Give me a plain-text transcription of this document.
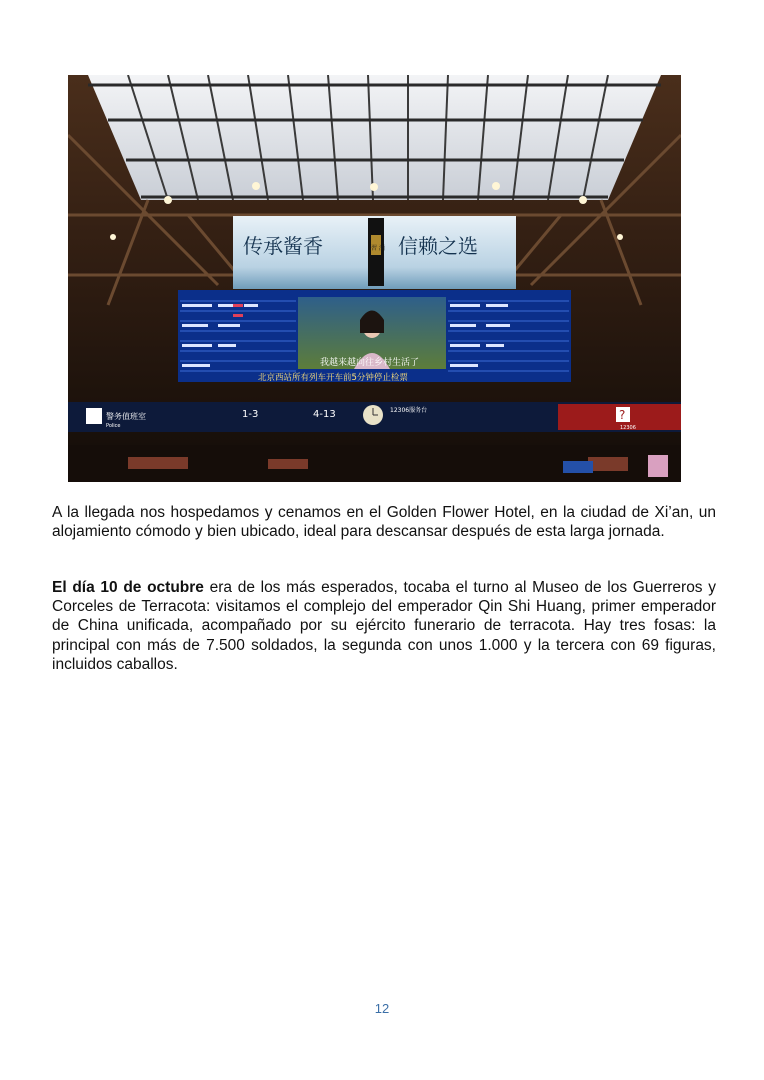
传承酱香	信赖之选
習 酒
我越来越向往乡村生活了
北京西站所有列车开车前5分钟停止检票
警务值班室
Police
1-3	4-13	12306服务台	?
12306

A la llegada nos hospedamos y cenamos en el Golden Flower Hotel, en la ciudad de Xi’an, un alojamiento cómodo y bien ubicado, ideal para descansar después de esta larga jornada.

El día 10 de octubre era de los más esperados, tocaba el turno al Museo de los Guerreros y Corceles de Terracota: visitamos el complejo del emperador Qin Shi Huang, primer emperador de China unificada, acompañado por su ejército funerario de terracota. Hay tres fosas: la principal con más de 7.500 soldados, la segunda con unos 1.000 y la tercera con 69 figuras, incluidos caballos.

12
